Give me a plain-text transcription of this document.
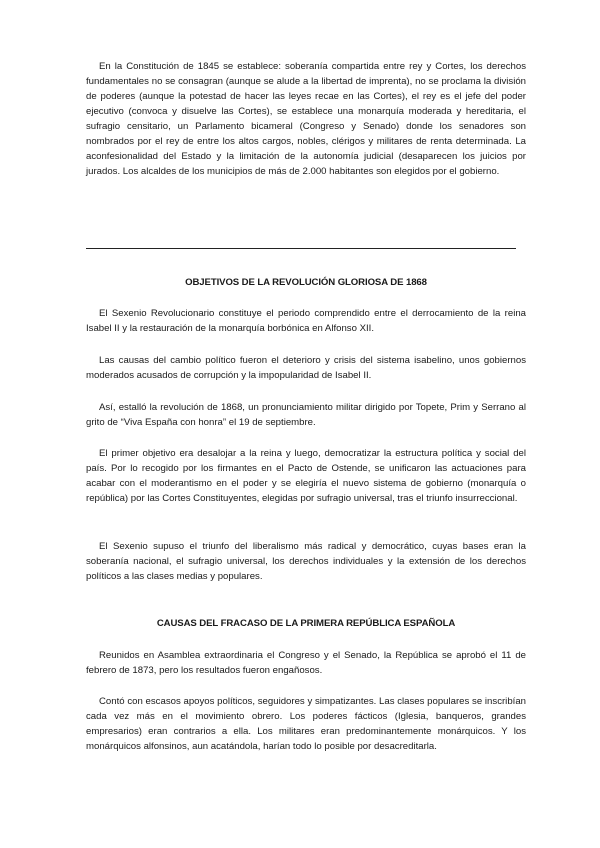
En la Constitución de 1845 se establece: soberanía compartida entre rey y Cortes, los derechos fundamentales no se consagran (aunque se alude a la libertad de imprenta), no se proclama la división de poderes (aunque la potestad de hacer las leyes recae en las Cortes), el rey es el jefe del poder ejecutivo (convoca y disuelve las Cortes), se establece una monarquía moderada y hereditaria, el sufragio censitario, un Parlamento bicameral (Congreso y Senado) donde los senadores son nombrados por el rey de entre los altos cargos, nobles, clérigos y militares de renta determinada. La aconfesionalidad del Estado y la limitación de la autonomía judicial (desaparecen los juicios por jurados. Los alcaldes de los municipios de más de 2.000 habitantes son elegidos por el gobierno.

OBJETIVOS DE LA REVOLUCIÓN GLORIOSA DE 1868

El Sexenio Revolucionario constituye el periodo comprendido entre el derrocamiento de la reina Isabel II y la restauración de la monarquía borbónica en Alfonso XII.

Las causas del cambio político fueron el deterioro y crisis del sistema isabelino, unos gobiernos moderados acusados de corrupción y la impopularidad de Isabel II.

Así, estalló la revolución de 1868, un pronunciamiento militar dirigido por Topete, Prim y Serrano al grito de “Viva España con honra” el 19 de septiembre.

El primer objetivo era desalojar a la reina y luego, democratizar la estructura política y social del país. Por lo recogido por los firmantes en el Pacto de Ostende, se unificaron las actuaciones para acabar con el moderantismo en el poder y se elegiría el nuevo sistema de gobierno (monarquía o república) por las Cortes Constituyentes, elegidas por sufragio universal, tras el triunfo insurreccional.

El Sexenio supuso el triunfo del liberalismo más radical y democrático, cuyas bases eran la soberanía nacional, el sufragio universal, los derechos individuales y la extensión de los derechos políticos a las clases medias y populares.

CAUSAS DEL FRACASO DE LA PRIMERA REPÚBLICA ESPAÑOLA

Reunidos en Asamblea extraordinaria el Congreso y el Senado, la República se aprobó el 11 de febrero de 1873, pero los resultados fueron engañosos.

Contó con escasos apoyos políticos, seguidores y simpatizantes. Las clases populares se inscribían cada vez más en el movimiento obrero. Los poderes fácticos (Iglesia, banqueros, grandes empresarios) eran contrarios a ella. Los militares eran predominantemente monárquicos. Y los monárquicos alfonsinos, aun acatándola, harían todo lo posible por desacreditarla.
